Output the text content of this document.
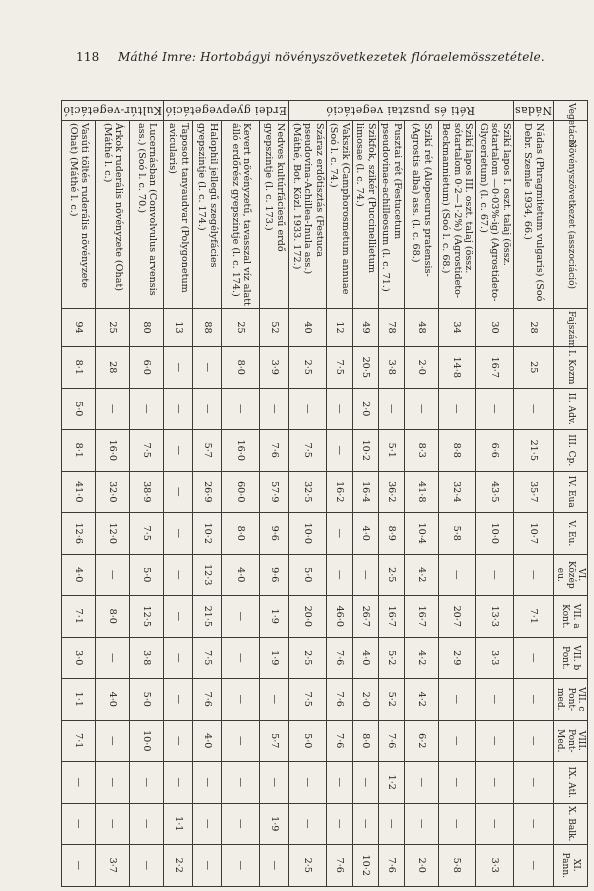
118 Máthé Imre: Hortobágyi növényszövetkezetek flóraelemösszetétele.
Vegetáció	Növényszövetkezet (asszociáció)	Fajszám	I. Kozm	II. Adv.	III. Cp.	IV. Eua	V. Eu.	VI. Közép eu.	VII. a Kont.	VII. b Pont.	VII. c Pont-med.	VIII. Pont-Med.	IX. Atl.	X. Balk.	XI. Pann.
Nádas	Nádas (Phragmitetum vulgaris) (Soó Debr. Szemle 1934, 66.)	28	25	—	21·5	35·7	10·7	—	7·1	—	—	—	—	—	—
Réti és pusztai vegetáció	Szikí lapos I. oszt. talaj (össz. sótartalom —0·03%-ig) (Agrostideto-Glycerietum) (l. c. 67.)	30	16·7	—	6·6	43·5	10·0	—	13·3	3·3	—	—	—	—	3·3
	Szikí lapos III. oszt. talaj (össz. sótartalom 0·2—1·2%) (Agrostideto-Beckmannietum) (Soó l. c. 68.)	34	14·8	—	8·8	32·4	5·8	—	20·7	2·9	—	—	—	—	5·8
	Szikí rét (Alopecurus pratensis-(Agrostis alba) ass. (l. c. 68.)	48	2·0	—	8·3	41·8	10·4	4·2	16·7	4·2	4·2	6·2	—	—	2·0
	Pusztai rét (Festucetum pseudovinae-achilleosum (l. c. 71.)	78	3·8	—	5·1	36·2	8·9	2·5	16·7	5·2	5·2	7·6	1·2	—	7·6
	Szikfok, szikér (Puccinellietum limosae (l. c. 74.)	49	20·5	2·0	10·2	16·4	4·0	—	26·7	4·0	2·0	8·0	—	—	10·2
	Vakszik (Camphorosmetum annuae (Soó l. c. 74.)	12	7·5	—	—	16·2	—	—	46·0	7·6	7·6	7·6	—	—	7·6
	Száraz erdőtisztás (Festuca pseudovina-Achillea-Inula ass.) (Máthé, Bot. Közl. 1933. 172.)	40	2·5	—	7·5	32·5	10·0	5·0	20·0	2·5	7·5	5·0	—	—	2·5
Erdei gyepvegetáció	Nedves kultúrfáciesű erdő gyepszintje (l. c. 173.)	52	3·9	—	7·6	57·9	9·6	9·6	1·9	1·9	—	5·7	—	1·9	—
	Kevert növényzetű, tavasszal víz alatt álló erdőrész gyepszintje (l. c. 174.)	25	8·0	—	16·0	60·0	8·0	4·0	—	—	—	—	—	—	—
	Halophil jellegű szegélyfácies gyepszintje (l. c. 174.)	88	—	—	5·7	26·9	10·2	12·3	21·5	7·5	7·6	4·0	—	—	—
	Taposott tanyaudvar (Polygonetum avicularis)	13	—	—	—	—	—	—	—	—	—	—	—	1·1	2·2
Kultúr-vegetáció	Lucernásban (Convolvulus arvensis ass.) (Soó l. c. 70.)	80	6·0	—	7·5	38·9	7·5	5·0	12·5	3·8	5·0	10·0	—	—	—
	Árkok ruderális növényzete (Ohat) (Máthé l. c.)	25	28	—	16·0	32·0	12·0	—	8·0	—	4·0	—	—	—	3·7
	Vasúti töltés ruderális növényzete (Ohat) (Máthé l. c.)	94	8·1	5·0	8·1	41·0	12·6	4·0	7·1	3·0	1·1	7·1	—	—	—
